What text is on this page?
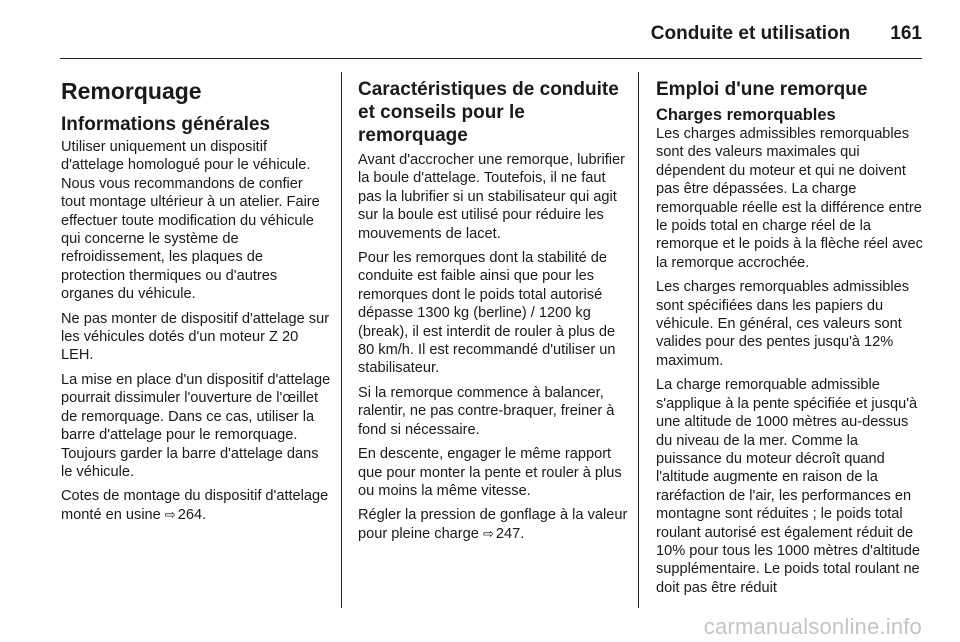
Conduite et utilisation 161
Remorquage
Informations générales

Utiliser uniquement un dispositif d'attelage homologué pour le véhicule. Nous vous recommandons de confier tout montage ultérieur à un atelier. Faire effectuer toute modification du véhicule qui concerne le système de refroidissement, les plaques de protection thermiques ou d'autres organes du véhicule.

Ne pas monter de dispositif d'attelage sur les véhicules dotés d'un moteur Z 20 LEH.

La mise en place d'un dispositif d'attelage pourrait dissimuler l'ouverture de l'œillet de remorquage. Dans ce cas, utiliser la barre d'attelage pour le remorquage. Toujours garder la barre d'attelage dans le véhicule.

Cotes de montage du dispositif d'attelage monté en usine ⇨ 264.

Caractéristiques de conduite et conseils pour le remorquage

Avant d'accrocher une remorque, lubrifier la boule d'attelage. Toutefois, il ne faut pas la lubrifier si un stabilisateur qui agit sur la boule est utilisé pour réduire les mouvements de lacet.

Pour les remorques dont la stabilité de conduite est faible ainsi que pour les remorques dont le poids total autorisé dépasse 1300 kg (berline) / 1200 kg (break), il est interdit de rouler à plus de 80 km/h. Il est recommandé d'utiliser un stabilisateur.

Si la remorque commence à balancer, ralentir, ne pas contre-braquer, freiner à fond si nécessaire.

En descente, engager le même rapport que pour monter la pente et rouler à plus ou moins la même vitesse.

Régler la pression de gonflage à la valeur pour pleine charge ⇨ 247.

Emploi d'une remorque
Charges remorquables

Les charges admissibles remorquables sont des valeurs maximales qui dépendent du moteur et qui ne doivent pas être dépassées. La charge remorquable réelle est la différence entre le poids total en charge réel de la remorque et le poids à la flèche réel avec la remorque accrochée.

Les charges remorquables admissibles sont spécifiées dans les papiers du véhicule. En général, ces valeurs sont valides pour des pentes jusqu'à 12% maximum.

La charge remorquable admissible s'applique à la pente spécifiée et jusqu'à une altitude de 1000 mètres au-dessus du niveau de la mer. Comme la puissance du moteur décroît quand l'altitude augmente en raison de la raréfaction de l'air, les performances en montagne sont réduites ; le poids total roulant autorisé est également réduit de 10% pour tous les 1000 mètres d'altitude supplémentaire. Le poids total roulant ne doit pas être réduit

carmanualsonline.info
